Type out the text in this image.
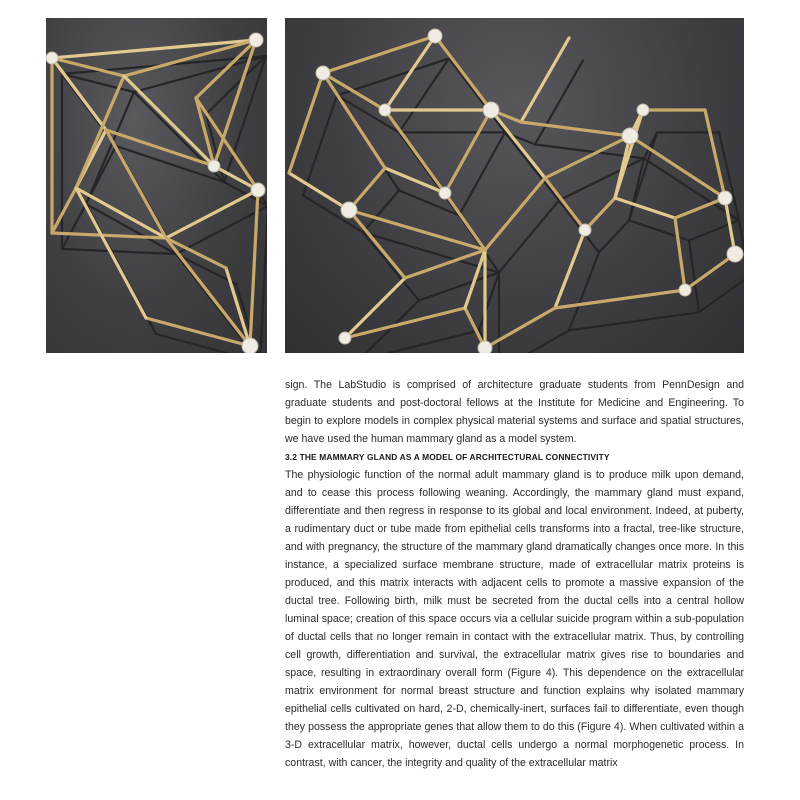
sign. The LabStudio is comprised of architecture graduate students from PennDesign and graduate students and post-doctoral fellows at the Institute for Medicine and Engineering. To begin to explore models in complex physical material systems and surface and spatial structures, we have used the human mammary gland as a model system.

3.2 THE MAMMARY GLAND AS A MODEL OF ARCHITECTURAL CONNECTIVITY

The physiologic function of the normal adult mammary gland is to produce milk upon demand, and to cease this process following weaning. Accordingly, the mammary gland must expand, differentiate and then regress in response to its global and local environment. Indeed, at puberty, a rudimentary duct or tube made from epithelial cells transforms into a fractal, tree-like structure, and with pregnancy, the structure of the mammary gland dramatically changes once more. In this instance, a specialized surface membrane structure, made of extracellular matrix proteins is produced, and this matrix interacts with adjacent cells to promote a massive expansion of the ductal tree. Following birth, milk must be secreted from the ductal cells into a central hollow luminal space; creation of this space occurs via a cellular suicide program within a sub-population of ductal cells that no longer remain in contact with the extracellular matrix. Thus, by controlling cell growth, differentiation and survival, the extracellular matrix gives rise to boundaries and space, resulting in extraordinary overall form (Figure 4). This dependence on the extracellular matrix environment for normal breast structure and function explains why isolated mammary epithelial cells cultivated on hard, 2-D, chemically-inert, surfaces fail to differentiate, even though they possess the appropriate genes that allow them to do this (Figure 4). When cultivated within a 3-D extracellular matrix, however, ductal cells undergo a normal morphogenetic process. In contrast, with cancer, the integrity and quality of the extracellular matrix
